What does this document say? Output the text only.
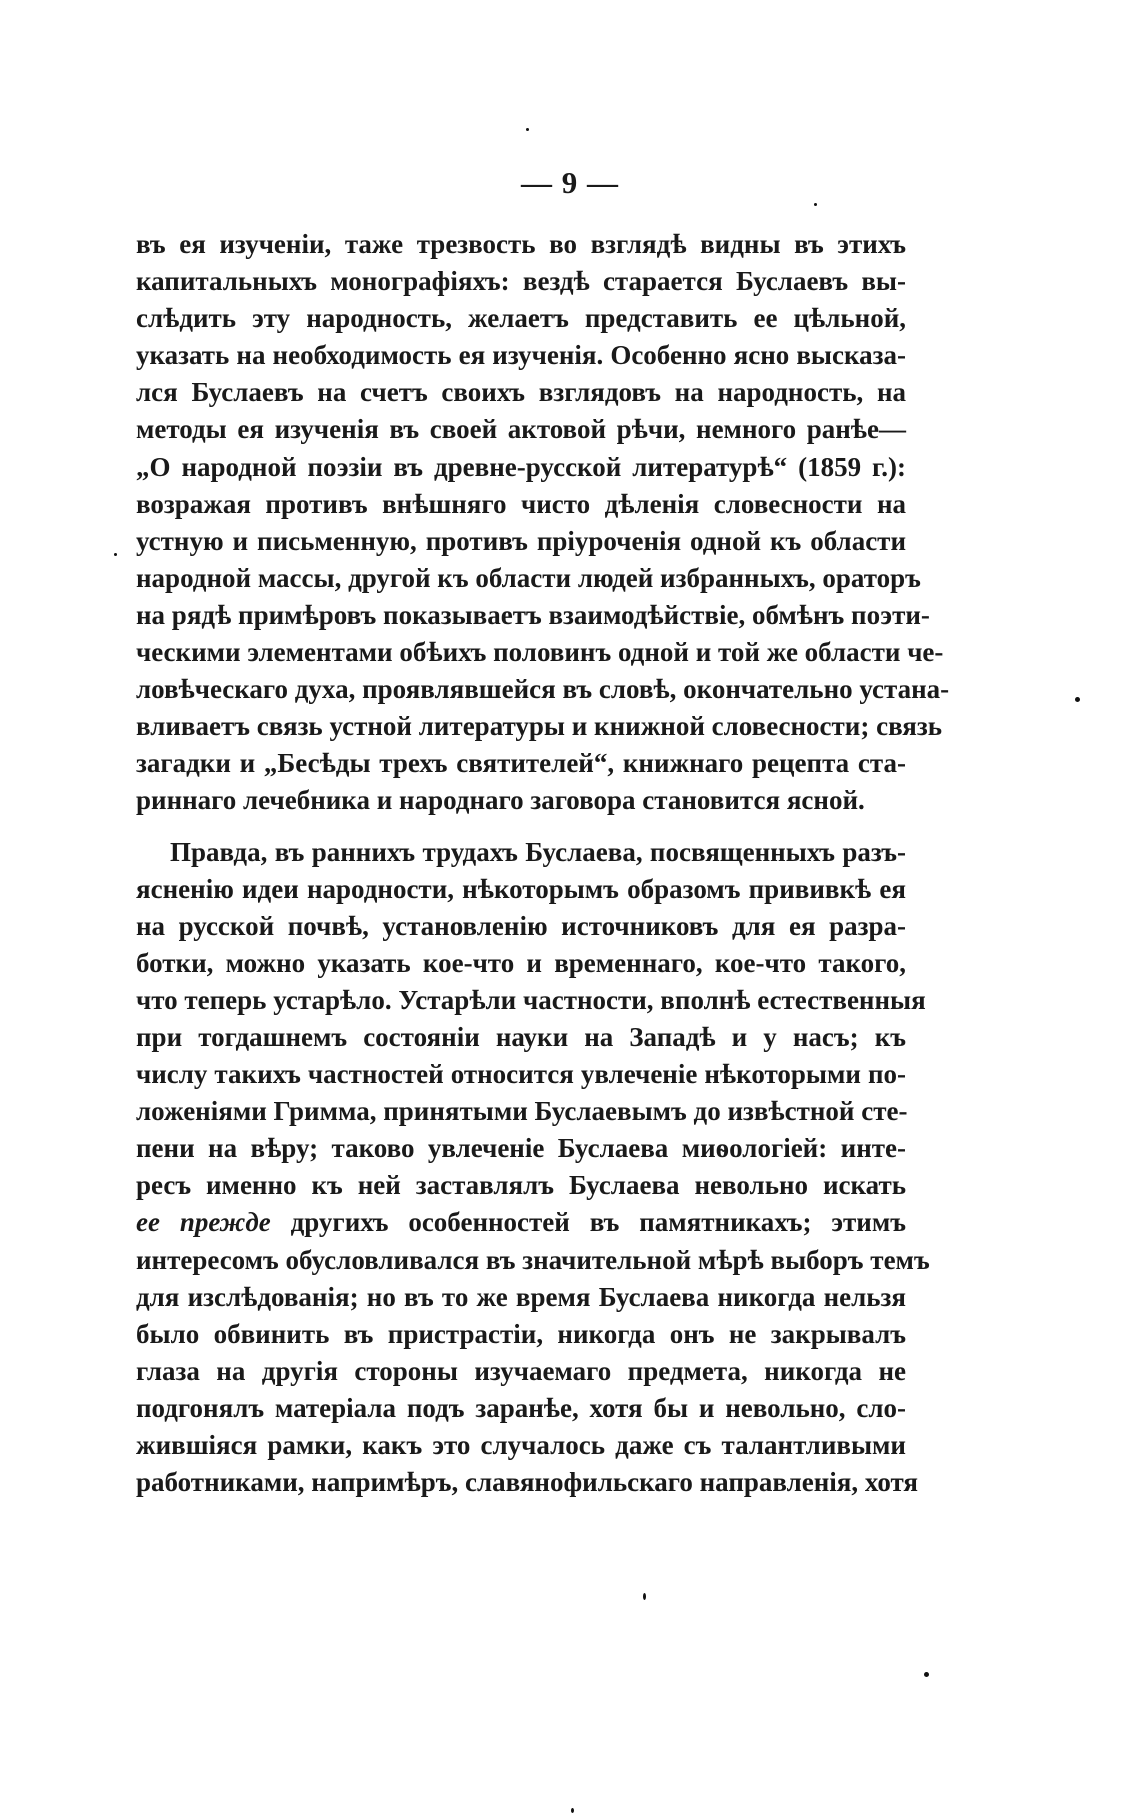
— 9 —
въ ея изученіи, таже трезвость во взглядѣ видны въ этихъ
капитальныхъ монографіяхъ: вездѣ старается Буслаевъ вы-
слѣдить эту народность, желаетъ представить ее цѣльной,
указать на необходимость ея изученія. Особенно ясно высказа-
лся Буслаевъ на счетъ своихъ взглядовъ на народность, на
методы ея изученія въ своей актовой рѣчи, немного ранѣе—
„О народной поэзіи въ древне-русской литературѣ“ (1859 г.):
возражая противъ внѣшняго чисто дѣленія словесности на
устную и письменную, противъ пріуроченія одной къ области
народной массы, другой къ области людей избранныхъ, ораторъ
на рядѣ примѣровъ показываетъ взаимодѣйствіе, обмѣнъ поэти-
ческими элементами обѣихъ половинъ одной и той же области че-
ловѣческаго духа, проявлявшейся въ словѣ, окончательно устана-
вливаетъ связь устной литературы и книжной словесности; связь
загадки и „Бесѣды трехъ святителей“, книжнаго рецепта ста-
риннаго лечебника и народнаго заговора становится ясной.
Правда, въ раннихъ трудахъ Буслаева, посвященныхъ разъ-
ясненію идеи народности, нѣкоторымъ образомъ прививкѣ ея
на русской почвѣ, установленію источниковъ для ея разра-
ботки, можно указать кое-что и временнаго, кое-что такого,
что теперь устарѣло. Устарѣли частности, вполнѣ естественныя
при тогдашнемъ состояніи науки на Западѣ и у насъ; къ
числу такихъ частностей относится увлеченіе нѣкоторыми по-
ложеніями Гримма, принятыми Буслаевымъ до извѣстной сте-
пени на вѣру; таково увлеченіе Буслаева миѳологіей: инте-
ресъ именно къ ней заставлялъ Буслаева невольно искать
ее прежде другихъ особенностей въ памятникахъ; этимъ
интересомъ обусловливался въ значительной мѣрѣ выборъ темъ
для изслѣдованія; но въ то же время Буслаева никогда нельзя
было обвинить въ пристрастіи, никогда онъ не закрывалъ
глаза на другія стороны изучаемаго предмета, никогда не
подгонялъ матеріала подъ заранѣе, хотя бы и невольно, сло-
жившіяся рамки, какъ это случалось даже съ талантливыми
работниками, напримѣръ, славянофильскаго направленія, хотя
